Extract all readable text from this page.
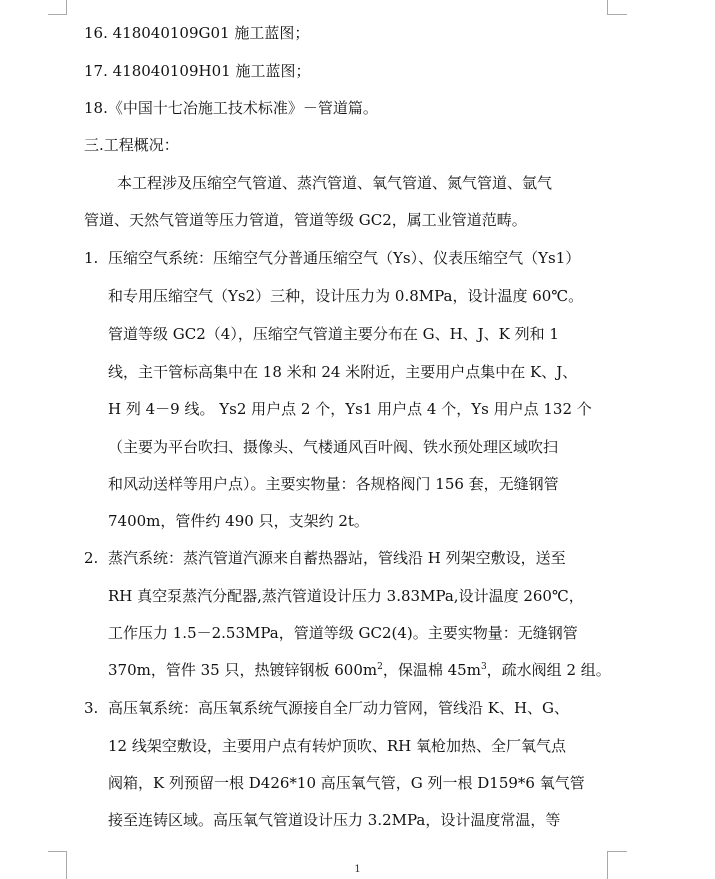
16. 418040109G01 施工蓝图；
17. 418040109H01 施工蓝图；
18.《中国十七冶施工技术标准》－管道篇。
三.工程概况：
本工程涉及压缩空气管道、蒸汽管道、氧气管道、氮气管道、氩气
管道、天然气管道等压力管道，管道等级 GC2，属工业管道范畴。
1. 压缩空气系统：压缩空气分普通压缩空气（Ys）、仪表压缩空气（Ys1）
和专用压缩空气（Ys2）三种，设计压力为 0.8MPa，设计温度 60℃。
管道等级 GC2（4），压缩空气管道主要分布在 G、H、J、K 列和 1
线，主干管标高集中在 18 米和 24 米附近，主要用户点集中在 K、J、
H 列 4－9 线。 Ys2 用户点 2 个，Ys1 用户点 4 个，Ys 用户点 132 个
（主要为平台吹扫、摄像头、气楼通风百叶阀、铁水预处理区域吹扫
和风动送样等用户点）。主要实物量：各规格阀门 156 套，无缝钢管
7400m，管件约 490 只，支架约 2t。
2. 蒸汽系统：蒸汽管道汽源来自蓄热器站，管线沿 H 列架空敷设，送至
RH 真空泵蒸汽分配器,蒸汽管道设计压力 3.83MPa,设计温度 260℃，
工作压力 1.5－2.53MPa，管道等级 GC2(4)。主要实物量：无缝钢管
370m，管件 35 只，热镀锌钢板 $600m^2$，保温棉 $45m^3$，疏水阀组 2 组。
3. 高压氧系统：高压氧系统气源接自全厂动力管网，管线沿 K、H、G、
12 线架空敷设，主要用户点有转炉顶吹、RH 氧枪加热、全厂氧气点
阀箱，K 列预留一根 D426*10 高压氧气管，G 列一根 D159*6 氧气管
接至连铸区域。高压氧气管道设计压力 3.2MPa，设计温度常温，等
1
